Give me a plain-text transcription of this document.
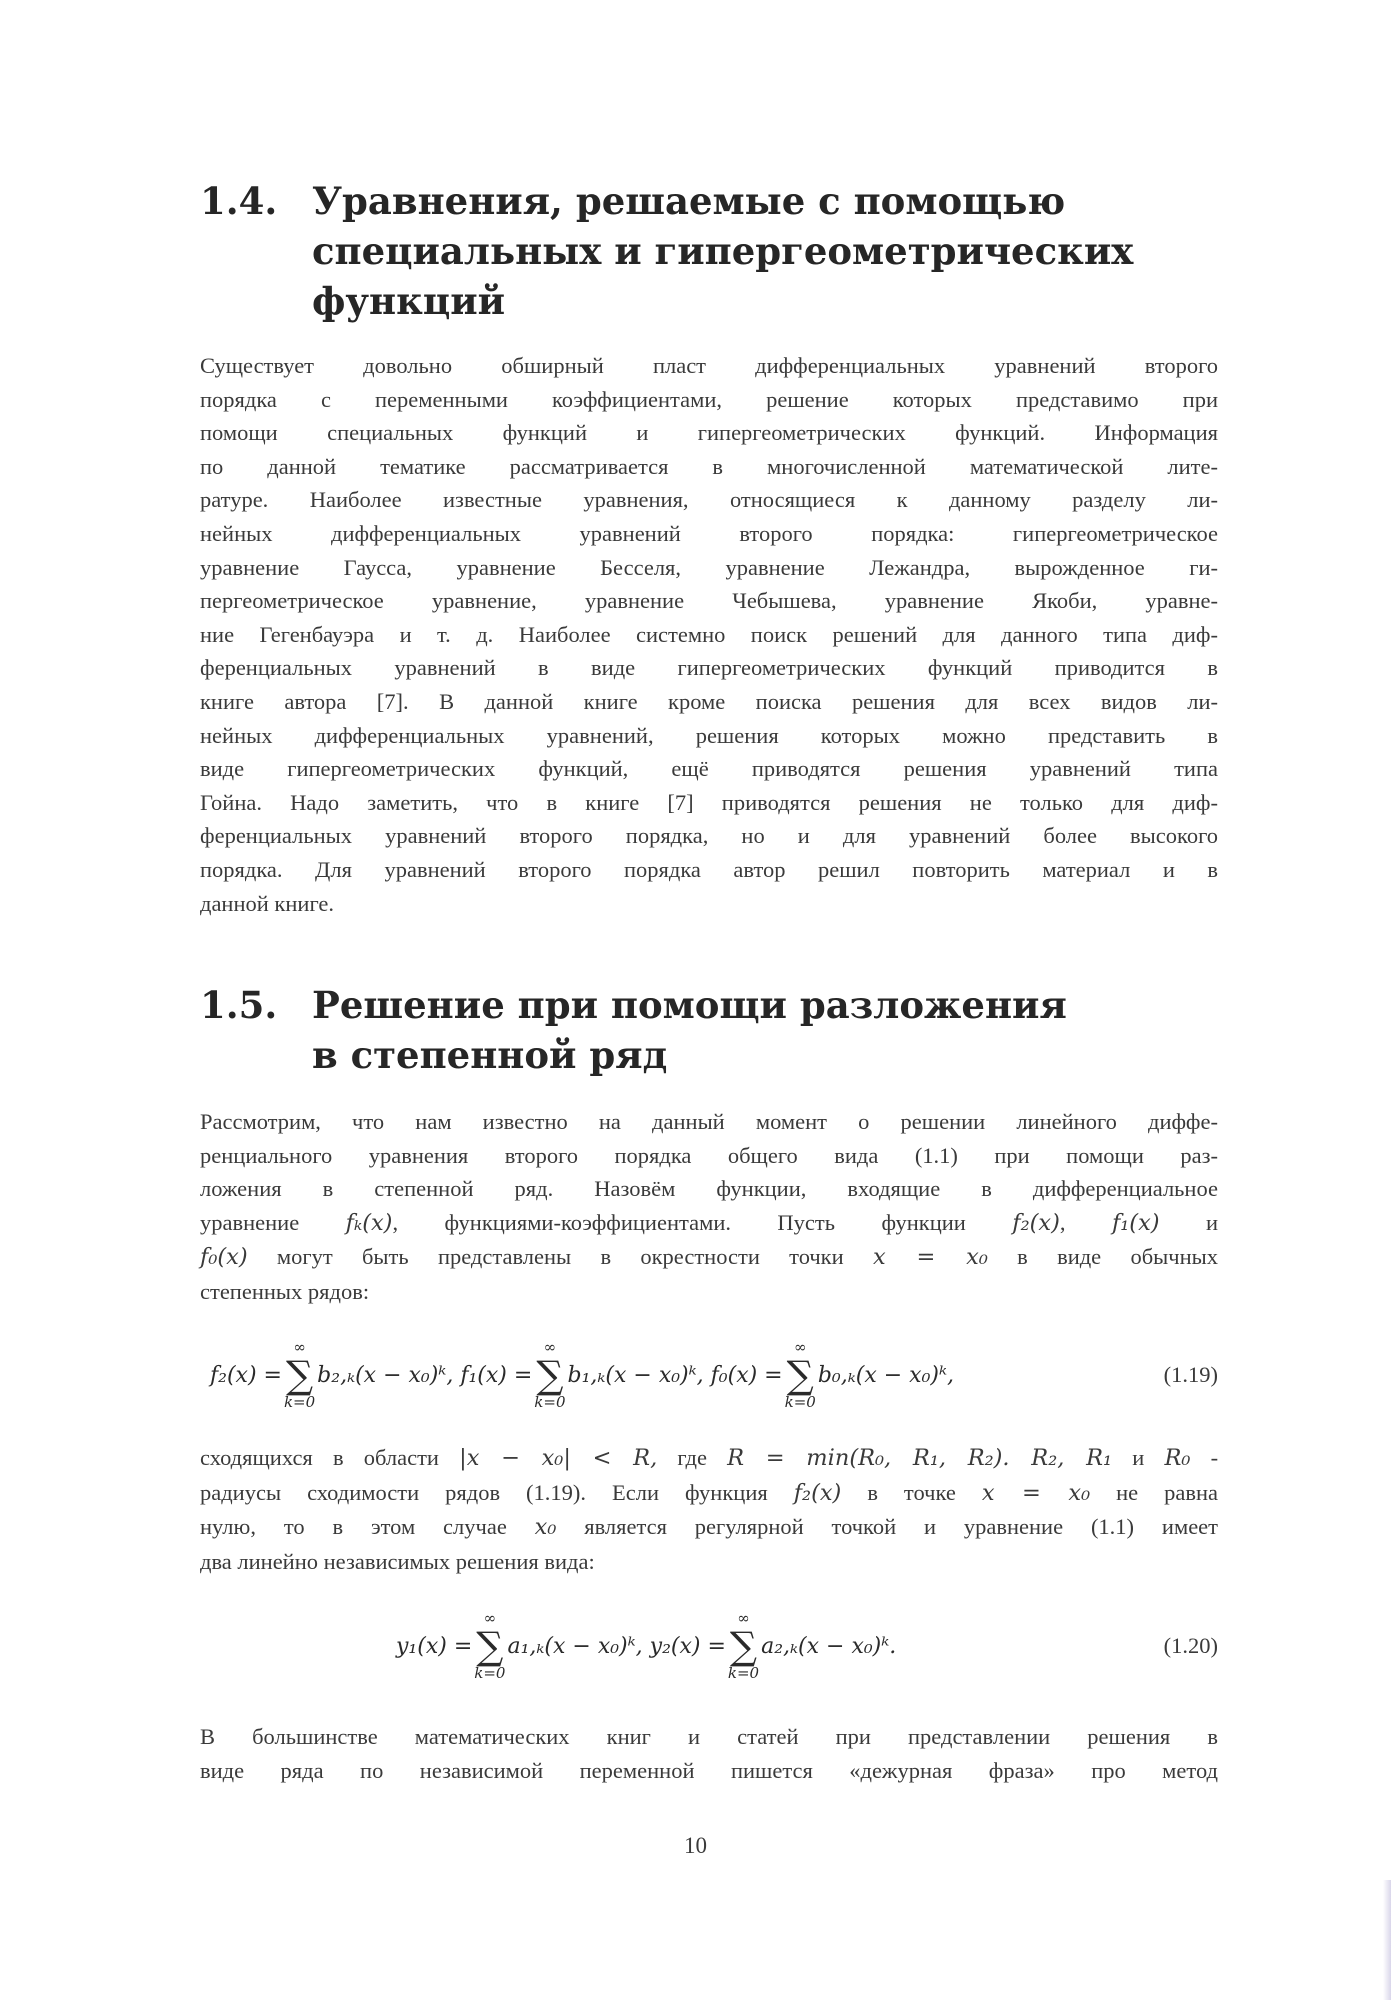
1.4. Уравнения, решаемые с помощью
специальных и гипергеометрических
функций
Существует довольно обширный пласт дифференциальных уравнений второго
порядка с переменными коэффициентами, решение которых представимо при
помощи специальных функций и гипергеометрических функций. Информация
по данной тематике рассматривается в многочисленной математической лите-
ратуре. Наиболее известные уравнения, относящиеся к данному разделу ли-
нейных дифференциальных уравнений второго порядка: гипергеометрическое
уравнение Гаусса, уравнение Бесселя, уравнение Лежандра, вырожденное ги-
пергеометрическое уравнение, уравнение Чебышева, уравнение Якоби, уравне-
ние Гегенбауэра и т. д. Наиболее системно поиск решений для данного типа диф-
ференциальных уравнений в виде гипергеометрических функций приводится в
книге автора [7]. В данной книге кроме поиска решения для всех видов ли-
нейных дифференциальных уравнений, решения которых можно представить в
виде гипергеометрических функций, ещё приводятся решения уравнений типа
Гойна. Надо заметить, что в книге [7] приводятся решения не только для диф-
ференциальных уравнений второго порядка, но и для уравнений более высокого
порядка. Для уравнений второго порядка автор решил повторить материал и в
данной книге.
1.5. Решение при помощи разложения
в степенной ряд
Рассмотрим, что нам известно на данный момент о решении линейного диффе-
ренциального уравнения второго порядка общего вида (1.1) при помощи раз-
ложения в степенной ряд. Назовём функции, входящие в дифференциальное
уравнение fₖ(x), функциями-коэффициентами. Пусть функции f₂(x), f₁(x) и
f₀(x) могут быть представлены в окрестности точки x = x₀ в виде обычных
степенных рядов:
f₂(x) =
∞
∑
k=0
b₂,ₖ(x − x₀)ᵏ, f₁(x) =
∞
∑
k=0
b₁,ₖ(x − x₀)ᵏ, f₀(x) =
∞
∑
k=0
b₀,ₖ(x − x₀)ᵏ,	(1.19)
сходящихся в области |x − x₀| < R, где R = min(R₀, R₁, R₂). R₂, R₁ и R₀ -
радиусы сходимости рядов (1.19). Если функция f₂(x) в точке x = x₀ не равна
нулю, то в этом случае x₀ является регулярной точкой и уравнение (1.1) имеет
два линейно независимых решения вида:
y₁(x) =
∞
∑
k=0
a₁,ₖ(x − x₀)ᵏ, y₂(x) =
∞
∑
k=0
a₂,ₖ(x − x₀)ᵏ.	(1.20)
В большинстве математических книг и статей при представлении решения в
виде ряда по независимой переменной пишется «дежурная фраза» про метод
10
